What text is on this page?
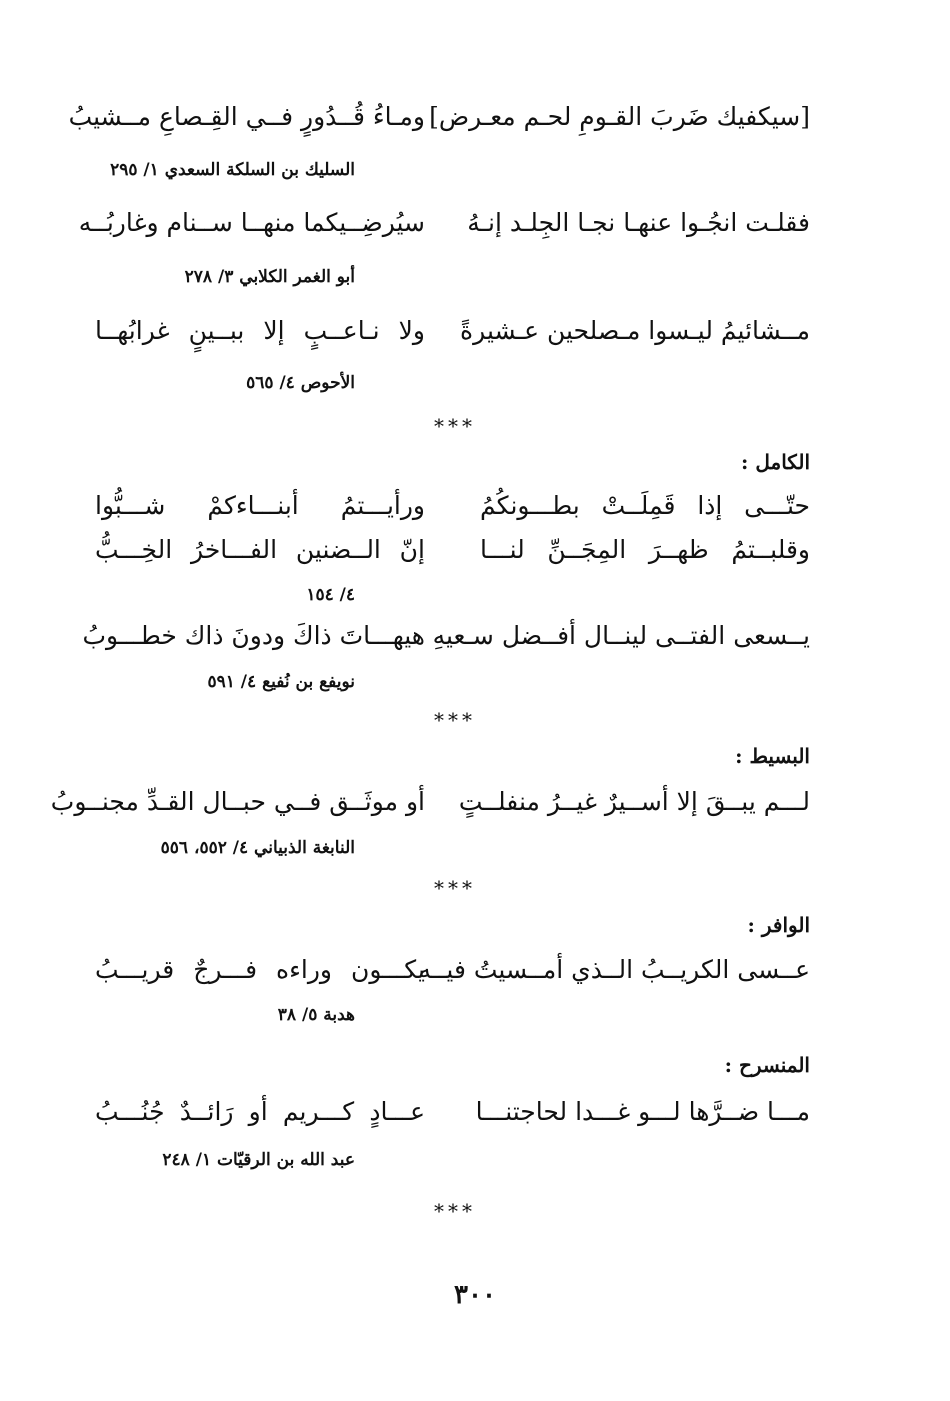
[سيكفيك ضَربَ القـومِ لحـم معـرض]
ومـاءُ قُــدُورٍ فــي القِـصاعِ مــشيبُ
السليك بن السلكة السعدي ١/ ٢٩٥
فقلـت انجُـوا عنهـا نجـا الجِلـد إنـهُ
سيُرضِــيكما منهــا ســنام وغاربُــه
أبو الغمر الكلابي ٣/ ٢٧٨
مــشائيمُ ليـسوا مـصلحين عـشيرةً
ولا نـاعــبٍ إلا ببــينٍ غرابُهــا
الأحوص ٤/ ٥٦٥
***
الكامل :
حتّـــى إذا قَمِلَــتْ بطـــونكُمُ
ورأيـــتمُ أبنـــاءكمْ شـــبُّوا
وقلبــتمُ ظهــرَ المِجَــنِّ لنـــا
إنّ الــضنين الفـــاخرُ الخِـــبُّ
٤/ ١٥٤
يــسعى الفتــى لينــال أفــضل سـعيهِ
هيهـــاتَ ذاكَ ودونَ ذاك خطـــوبُ
نويفع بن نُفيع ٤/ ٥٩١
***
البسيط :
لـــم يبــقَ إلا أســيرٌ غيــرُ منفلــتٍ
أو موثَــق فــي حبــال القـدِّ مجنــوبُ
النابغة الذبياني ٤/ ٥٥٢، ٥٥٦
***
الوافر :
عــسى الكريــبُ الــذي أمــسيتُ فيــه
يكـــون وراءه فـــرجٌ قريـــبُ
هدبة ٥/ ٣٨
المنسرح :
مـــا ضــرَّها لـــو غـــدا لحاجتنـــا
عـــادٍ كـــريم أو رَائــدٌ جُنُـــبُ
عبد الله بن الرقيّات ١/ ٢٤٨
***
٣٠٠
